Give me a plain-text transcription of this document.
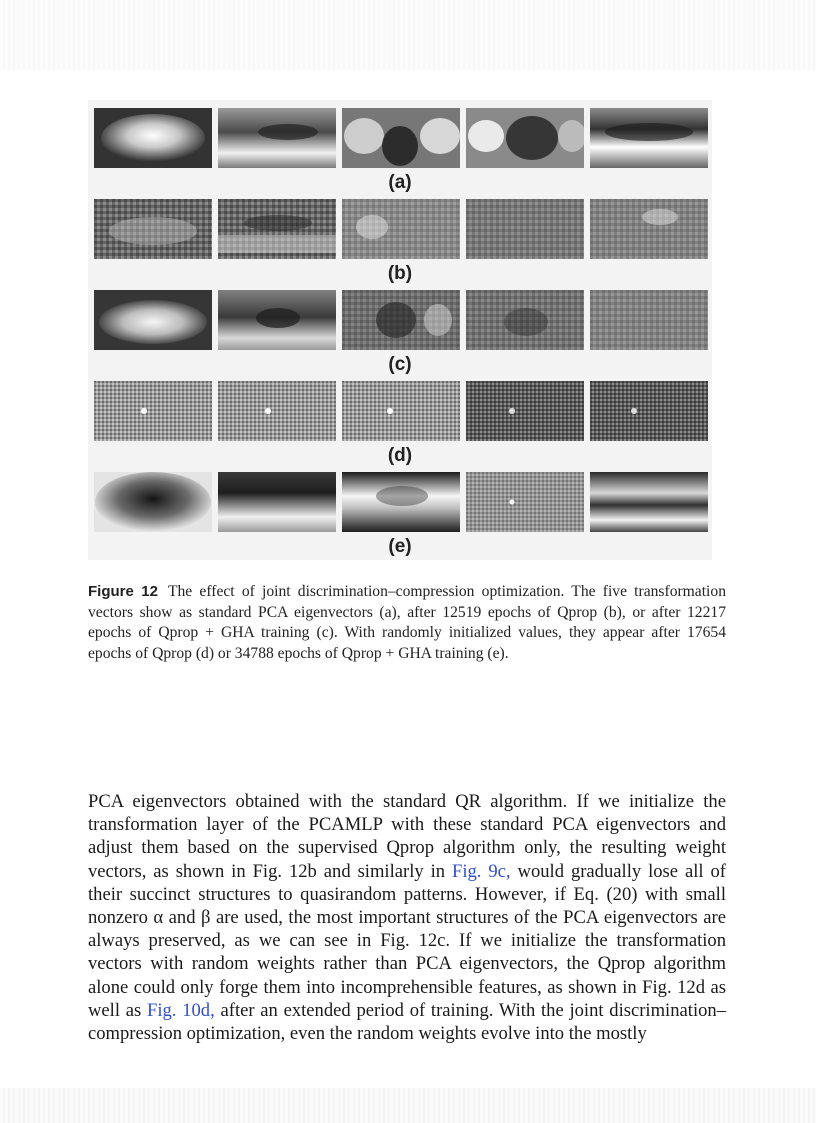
(a)
(b)
(c)
(d)
(e)
Figure 12 The effect of joint discrimination–compression optimization. The five transformation vectors show as standard PCA eigenvectors (a), after 12519 epochs of Qprop (b), or after 12217 epochs of Qprop + GHA training (c). With randomly initialized values, they appear after 17654 epochs of Qprop (d) or 34788 epochs of Qprop + GHA training (e).
PCA eigenvectors obtained with the standard QR algorithm. If we initialize the transformation layer of the PCAMLP with these standard PCA eigenvectors and adjust them based on the supervised Qprop algorithm only, the resulting weight vectors, as shown in Fig. 12b and similarly in Fig. 9c, would gradually lose all of their succinct structures to quasirandom patterns. However, if Eq. (20) with small nonzero α and β are used, the most important structures of the PCA eigenvectors are always preserved, as we can see in Fig. 12c. If we initialize the transformation vectors with random weights rather than PCA eigenvectors, the Qprop algorithm alone could only forge them into incomprehensible features, as shown in Fig. 12d as well as Fig. 10d, after an extended period of training. With the joint discrimination–compression optimization, even the random weights evolve into the mostly
